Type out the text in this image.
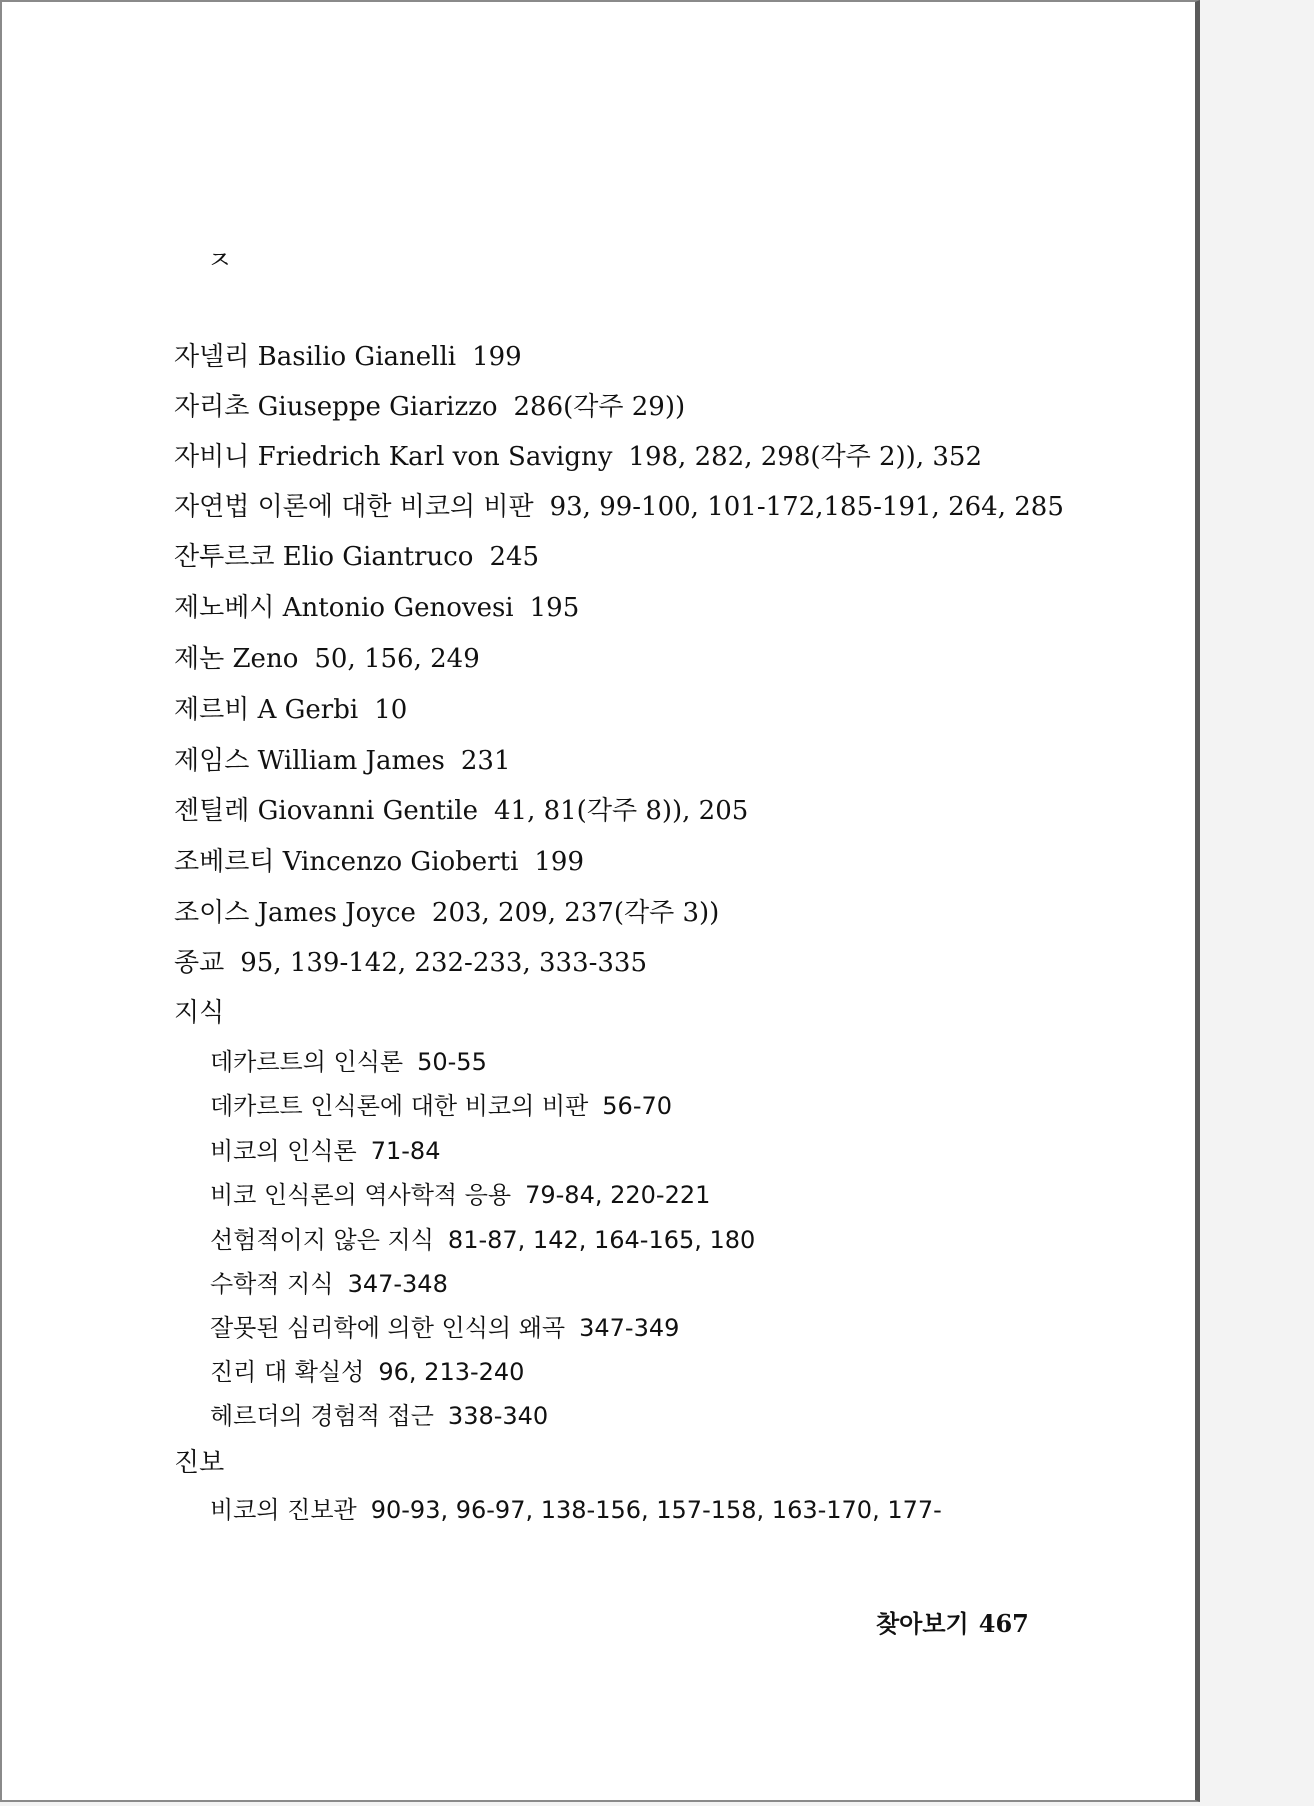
ㅈ
자넬리 Basilio Gianelli 199
자리초 Giuseppe Giarizzo 286(각주 29))
자비니 Friedrich Karl von Savigny 198, 282, 298(각주 2)), 352
자연법 이론에 대한 비코의 비판 93, 99-100, 101-172,185-191, 264, 285
잔투르코 Elio Giantruco 245
제노베시 Antonio Genovesi 195
제논 Zeno 50, 156, 249
제르비 A Gerbi 10
제임스 William James 231
젠틸레 Giovanni Gentile 41, 81(각주 8)), 205
조베르티 Vincenzo Gioberti 199
조이스 James Joyce 203, 209, 237(각주 3))
종교 95, 139-142, 232-233, 333-335
지식
데카르트의 인식론 50-55
데카르트 인식론에 대한 비코의 비판 56-70
비코의 인식론 71-84
비코 인식론의 역사학적 응용 79-84, 220-221
선험적이지 않은 지식 81-87, 142, 164-165, 180
수학적 지식 347-348
잘못된 심리학에 의한 인식의 왜곡 347-349
진리 대 확실성 96, 213-240
헤르더의 경험적 접근 338-340
진보
비코의 진보관 90-93, 96-97, 138-156, 157-158, 163-170, 177-
찾아보기 467
